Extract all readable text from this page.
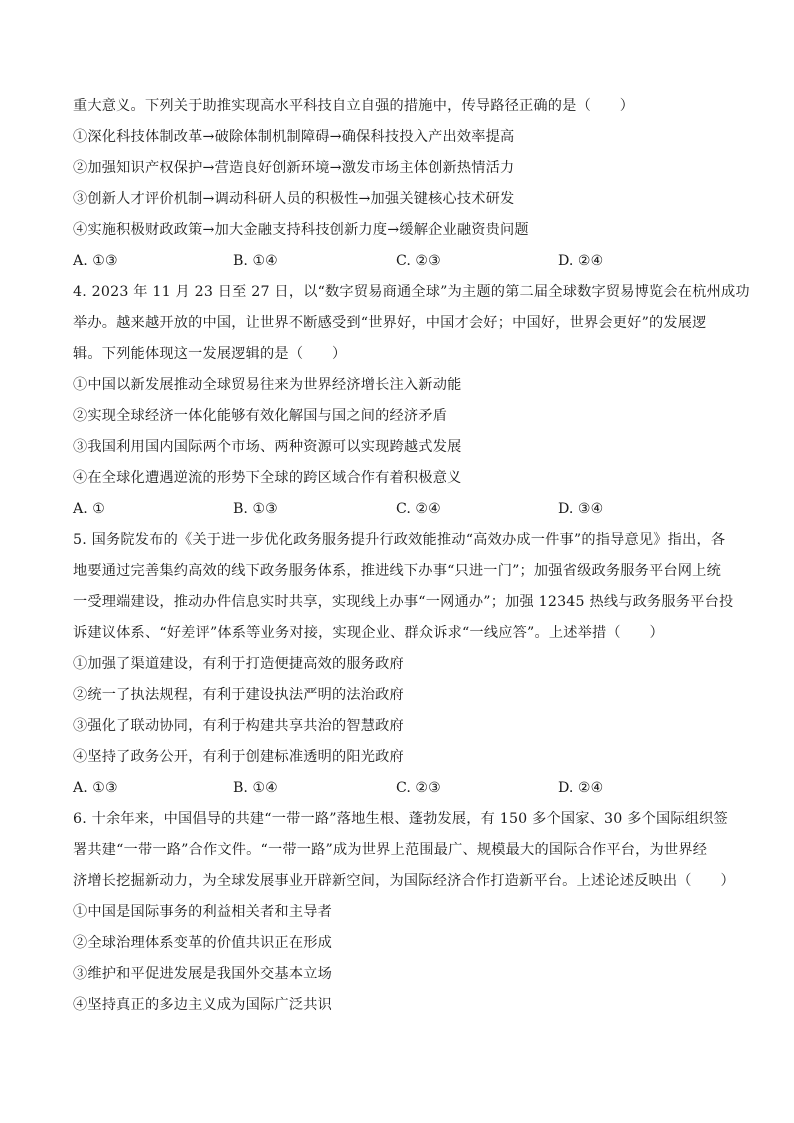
重大意义。下列关于助推实现高水平科技自立自强的措施中，传导路径正确的是（　　）
①深化科技体制改革→破除体制机制障碍→确保科技投入产出效率提高
②加强知识产权保护→营造良好创新环境→激发市场主体创新热情活力
③创新人才评价机制→调动科研人员的积极性→加强关键核心技术研发
④实施积极财政政策→加大金融支持科技创新力度→缓解企业融资贵问题
A. ①③	B. ①④	C. ②③	D. ②④
4. 2023 年 11 月 23 日至 27 日，以“数字贸易商通全球”为主题的第二届全球数字贸易博览会在杭州成功
举办。越来越开放的中国，让世界不断感受到“世界好，中国才会好；中国好，世界会更好”的发展逻
辑。下列能体现这一发展逻辑的是（　　）
①中国以新发展推动全球贸易往来为世界经济增长注入新动能
②实现全球经济一体化能够有效化解国与国之间的经济矛盾
③我国利用国内国际两个市场、两种资源可以实现跨越式发展
④在全球化遭遇逆流的形势下全球的跨区域合作有着积极意义
A. ①	B. ①③	C. ②④	D. ③④
5. 国务院发布的《关于进一步优化政务服务提升行政效能推动“高效办成一件事”的指导意见》指出，各
地要通过完善集约高效的线下政务服务体系，推进线下办事“只进一门”；加强省级政务服务平台网上统
一受理端建设，推动办件信息实时共享，实现线上办事“一网通办”；加强 12345 热线与政务服务平台投
诉建议体系、“好差评”体系等业务对接，实现企业、群众诉求“一线应答”。上述举措（　　）
①加强了渠道建设，有利于打造便捷高效的服务政府
②统一了执法规程，有利于建设执法严明的法治政府
③强化了联动协同，有利于构建共享共治的智慧政府
④坚持了政务公开，有利于创建标准透明的阳光政府
A. ①③	B. ①④	C. ②③	D. ②④
6. 十余年来，中国倡导的共建“一带一路”落地生根、蓬勃发展，有 150 多个国家、30 多个国际组织签
署共建“一带一路”合作文件。“一带一路”成为世界上范围最广、规模最大的国际合作平台，为世界经
济增长挖掘新动力，为全球发展事业开辟新空间，为国际经济合作打造新平台。上述论述反映出（　　）
①中国是国际事务的利益相关者和主导者
②全球治理体系变革的价值共识正在形成
③维护和平促进发展是我国外交基本立场
④坚持真正的多边主义成为国际广泛共识
